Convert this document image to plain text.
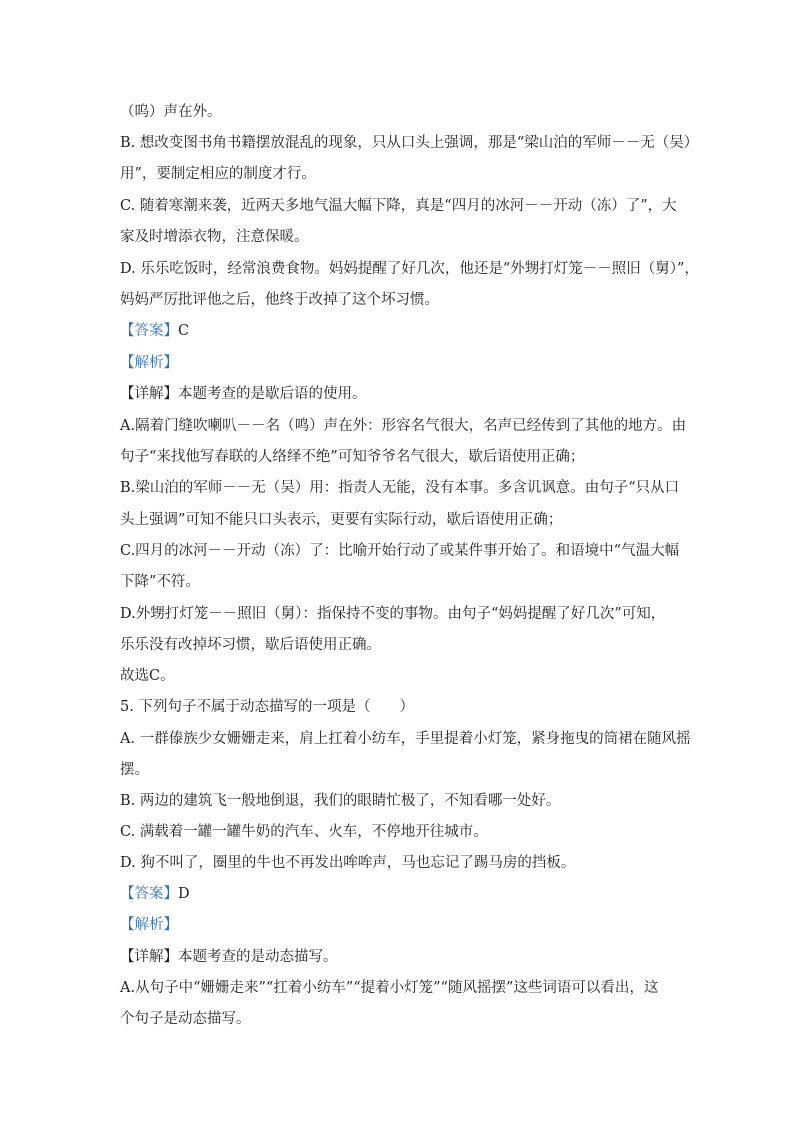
（呜）声在外。
B. 想改变图书角书籍摆放混乱的现象，只从口头上强调，那是“梁山泊的军师－－无（吴）
用”，要制定相应的制度才行。
C. 随着寒潮来袭，近两天多地气温大幅下降，真是“四月的冰河－－开动（冻）了”，大
家及时增添衣物，注意保暖。
D. 乐乐吃饭时，经常浪费食物。妈妈提醒了好几次，他还是“外甥打灯笼－－照旧（舅）”，
妈妈严厉批评他之后，他终于改掉了这个坏习惯。
【答案】C
【解析】
【详解】本题考查的是歇后语的使用。
A.隔着门缝吹喇叭－－名（鸣）声在外：形容名气很大，名声已经传到了其他的地方。由
句子“来找他写春联的人络绎不绝”可知爷爷名气很大，歇后语使用正确；
B.梁山泊的军师－－无（吴）用：指责人无能，没有本事。多含讥讽意。由句子“只从口
头上强调”可知不能只口头表示，更要有实际行动，歇后语使用正确；
C.四月的冰河－－开动（冻）了：比喻开始行动了或某件事开始了。和语境中“气温大幅
下降”不符。
D.外甥打灯笼－－照旧（舅）：指保持不变的事物。由句子“妈妈提醒了好几次”可知，
乐乐没有改掉坏习惯，歇后语使用正确。
故选C。
5. 下列句子不属于动态描写的一项是（　　）
A. 一群傣族少女姗姗走来，肩上扛着小纺车，手里提着小灯笼，紧身拖曳的筒裙在随风摇
摆。
B. 两边的建筑飞一般地倒退，我们的眼睛忙极了，不知看哪一处好。
C. 满载着一罐一罐牛奶的汽车、火车，不停地开往城市。
D. 狗不叫了，圈里的牛也不再发出哞哞声，马也忘记了踢马房的挡板。
【答案】D
【解析】
【详解】本题考查的是动态描写。
A.从句子中“姗姗走来”“扛着小纺车”“提着小灯笼”“随风摇摆”这些词语可以看出，这
个句子是动态描写。
